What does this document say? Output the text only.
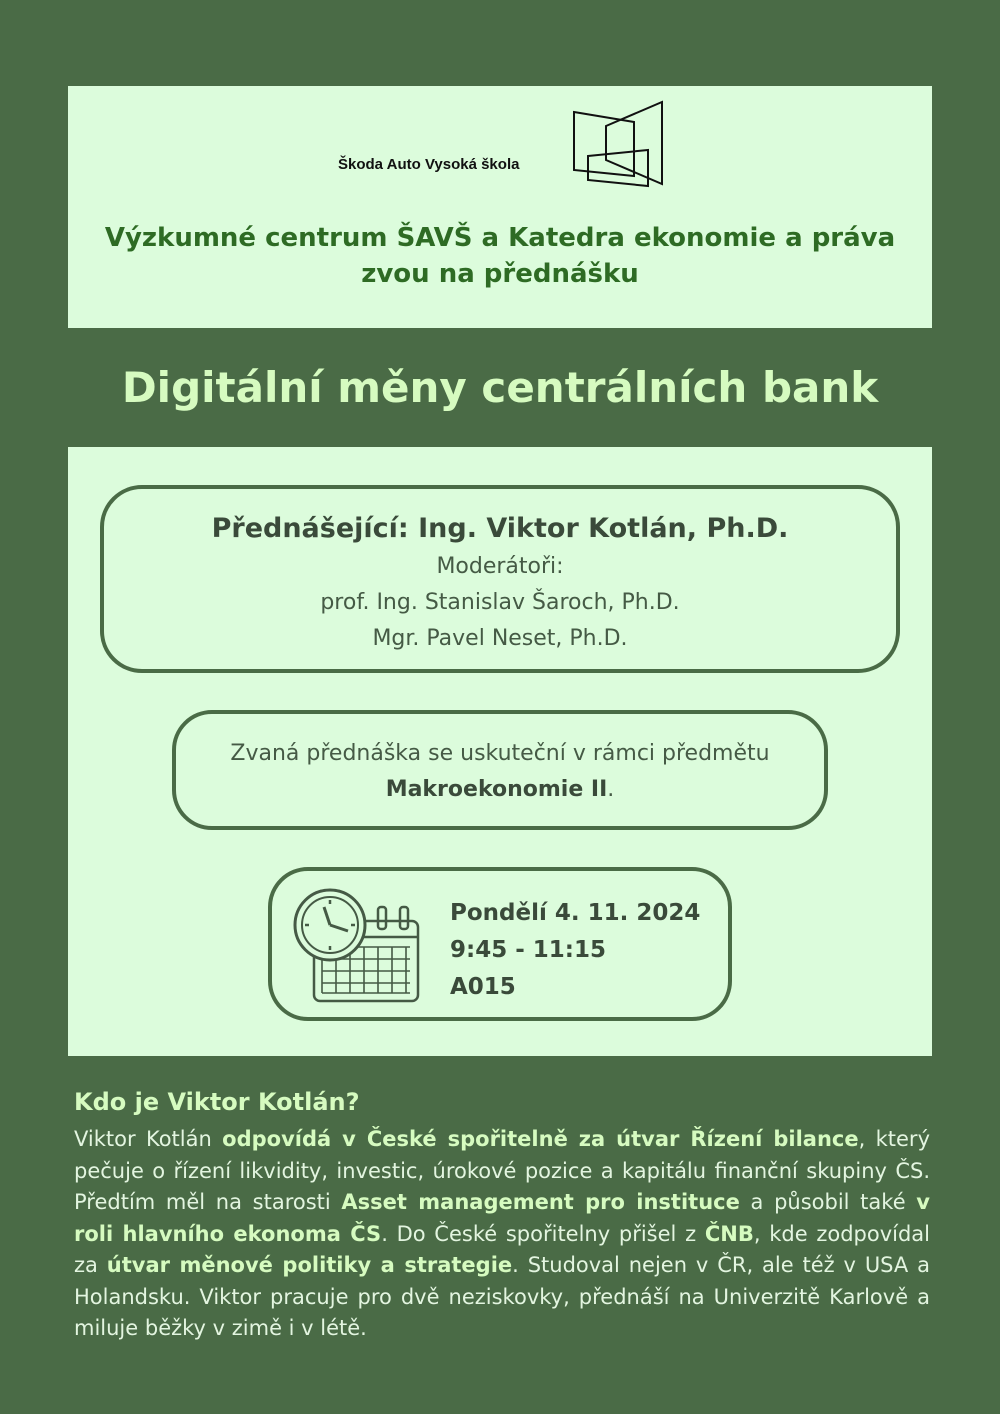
Škoda Auto Vysoká škola
Výzkumné centrum ŠAVŠ a Katedra ekonomie a práva
zvou na přednášku
Digitální měny centrálních bank
Přednášející: Ing. Viktor Kotlán, Ph.D.
Moderátoři:
prof. Ing. Stanislav Šaroch, Ph.D.
Mgr. Pavel Neset, Ph.D.
Zvaná přednáška se uskuteční v rámci předmětu
Makroekonomie II.
Pondělí 4. 11. 2024
9:45 - 11:15
A015
Kdo je Viktor Kotlán?
Viktor Kotlán odpovídá v České spořitelně za útvar Řízení bilance, který pečuje o řízení likvidity, investic, úrokové pozice a kapitálu finanční skupiny ČS. Předtím měl na starosti Asset management pro instituce a působil také v roli hlavního ekonoma ČS. Do České spořitelny přišel z ČNB, kde zodpovídal za útvar měnové politiky a strategie. Studoval nejen v ČR, ale též v USA a Holandsku. Viktor pracuje pro dvě neziskovky, přednáší na Univerzitě Karlově a miluje běžky v zimě i v létě.
